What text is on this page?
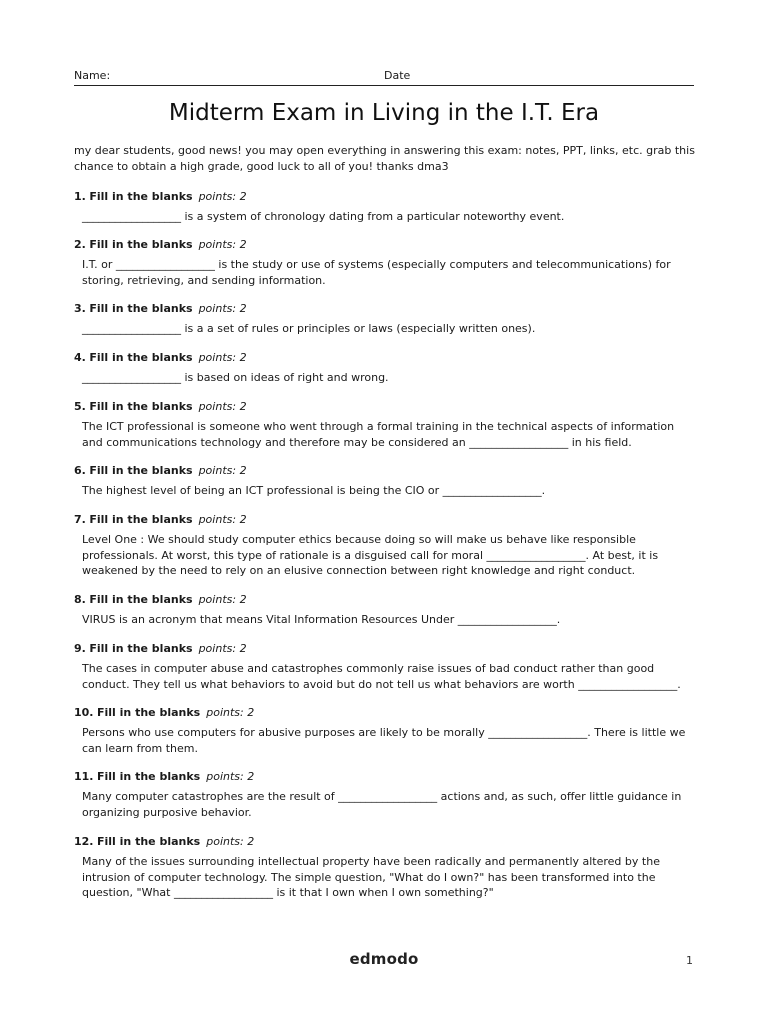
Name:	Date
Midterm Exam in Living in the I.T. Era
my dear students, good news! you may open everything in answering this exam: notes, PPT, links, etc. grab this chance to obtain a high grade, good luck to all of you! thanks dma3
1. Fill in the blanks points: 2
__________________ is a system of chronology dating from a particular noteworthy event.
2. Fill in the blanks points: 2
I.T. or __________________ is the study or use of systems (especially computers and telecommunications) for storing, retrieving, and sending information.
3. Fill in the blanks points: 2
__________________ is a a set of rules or principles or laws (especially written ones).
4. Fill in the blanks points: 2
__________________ is based on ideas of right and wrong.
5. Fill in the blanks points: 2
The ICT professional is someone who went through a formal training in the technical aspects of information and communications technology and therefore may be considered an __________________ in his field.
6. Fill in the blanks points: 2
The highest level of being an ICT professional is being the CIO or __________________.
7. Fill in the blanks points: 2
Level One : We should study computer ethics because doing so will make us behave like responsible professionals. At worst, this type of rationale is a disguised call for moral __________________. At best, it is weakened by the need to rely on an elusive connection between right knowledge and right conduct.
8. Fill in the blanks points: 2
VIRUS is an acronym that means Vital Information Resources Under __________________.
9. Fill in the blanks points: 2
The cases in computer abuse and catastrophes commonly raise issues of bad conduct rather than good conduct. They tell us what behaviors to avoid but do not tell us what behaviors are worth __________________.
10. Fill in the blanks points: 2
Persons who use computers for abusive purposes are likely to be morally __________________. There is little we can learn from them.
11. Fill in the blanks points: 2
Many computer catastrophes are the result of __________________ actions and, as such, offer little guidance in organizing purposive behavior.
12. Fill in the blanks points: 2
Many of the issues surrounding intellectual property have been radically and permanently altered by the intrusion of computer technology. The simple question, "What do I own?" has been transformed into the question, "What __________________ is it that I own when I own something?"
edmodo	1
